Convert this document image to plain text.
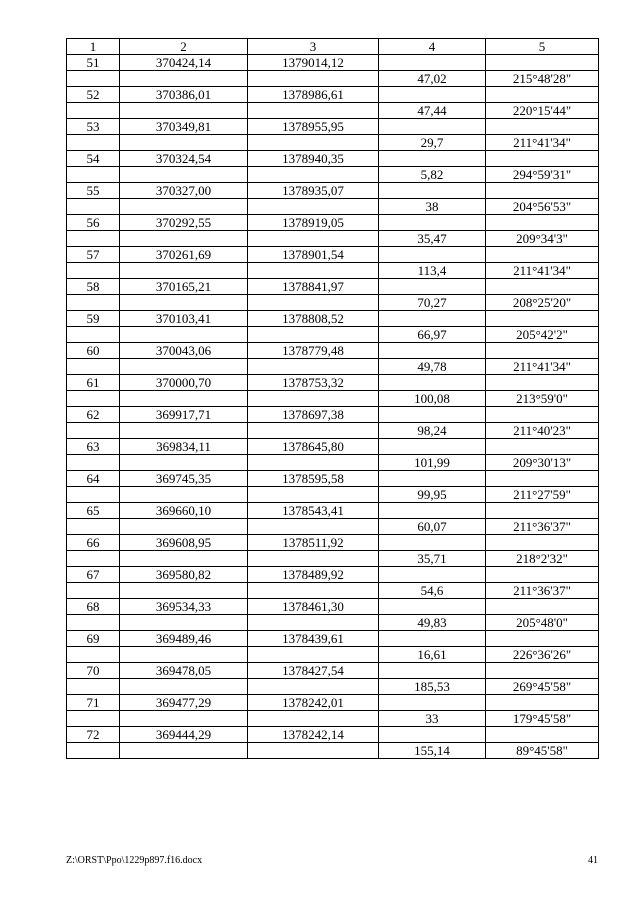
1	2	3	4	5
51	370424,14	1379014,12		
			47,02	215°48'28"
52	370386,01	1378986,61		
			47,44	220°15'44"
53	370349,81	1378955,95		
			29,7	211°41'34"
54	370324,54	1378940,35		
			5,82	294°59'31"
55	370327,00	1378935,07		
			38	204°56'53"
56	370292,55	1378919,05		
			35,47	209°34'3"
57	370261,69	1378901,54		
			113,4	211°41'34"
58	370165,21	1378841,97		
			70,27	208°25'20"
59	370103,41	1378808,52		
			66,97	205°42'2"
60	370043,06	1378779,48		
			49,78	211°41'34"
61	370000,70	1378753,32		
			100,08	213°59'0"
62	369917,71	1378697,38		
			98,24	211°40'23"
63	369834,11	1378645,80		
			101,99	209°30'13"
64	369745,35	1378595,58		
			99,95	211°27'59"
65	369660,10	1378543,41		
			60,07	211°36'37"
66	369608,95	1378511,92		
			35,71	218°2'32"
67	369580,82	1378489,92		
			54,6	211°36'37"
68	369534,33	1378461,30		
			49,83	205°48'0"
69	369489,46	1378439,61		
			16,61	226°36'26"
70	369478,05	1378427,54		
			185,53	269°45'58"
71	369477,29	1378242,01		
			33	179°45'58"
72	369444,29	1378242,14		
			155,14	89°45'58"
Z:\ORST\Ppo\1229p897.f16.docx	41
